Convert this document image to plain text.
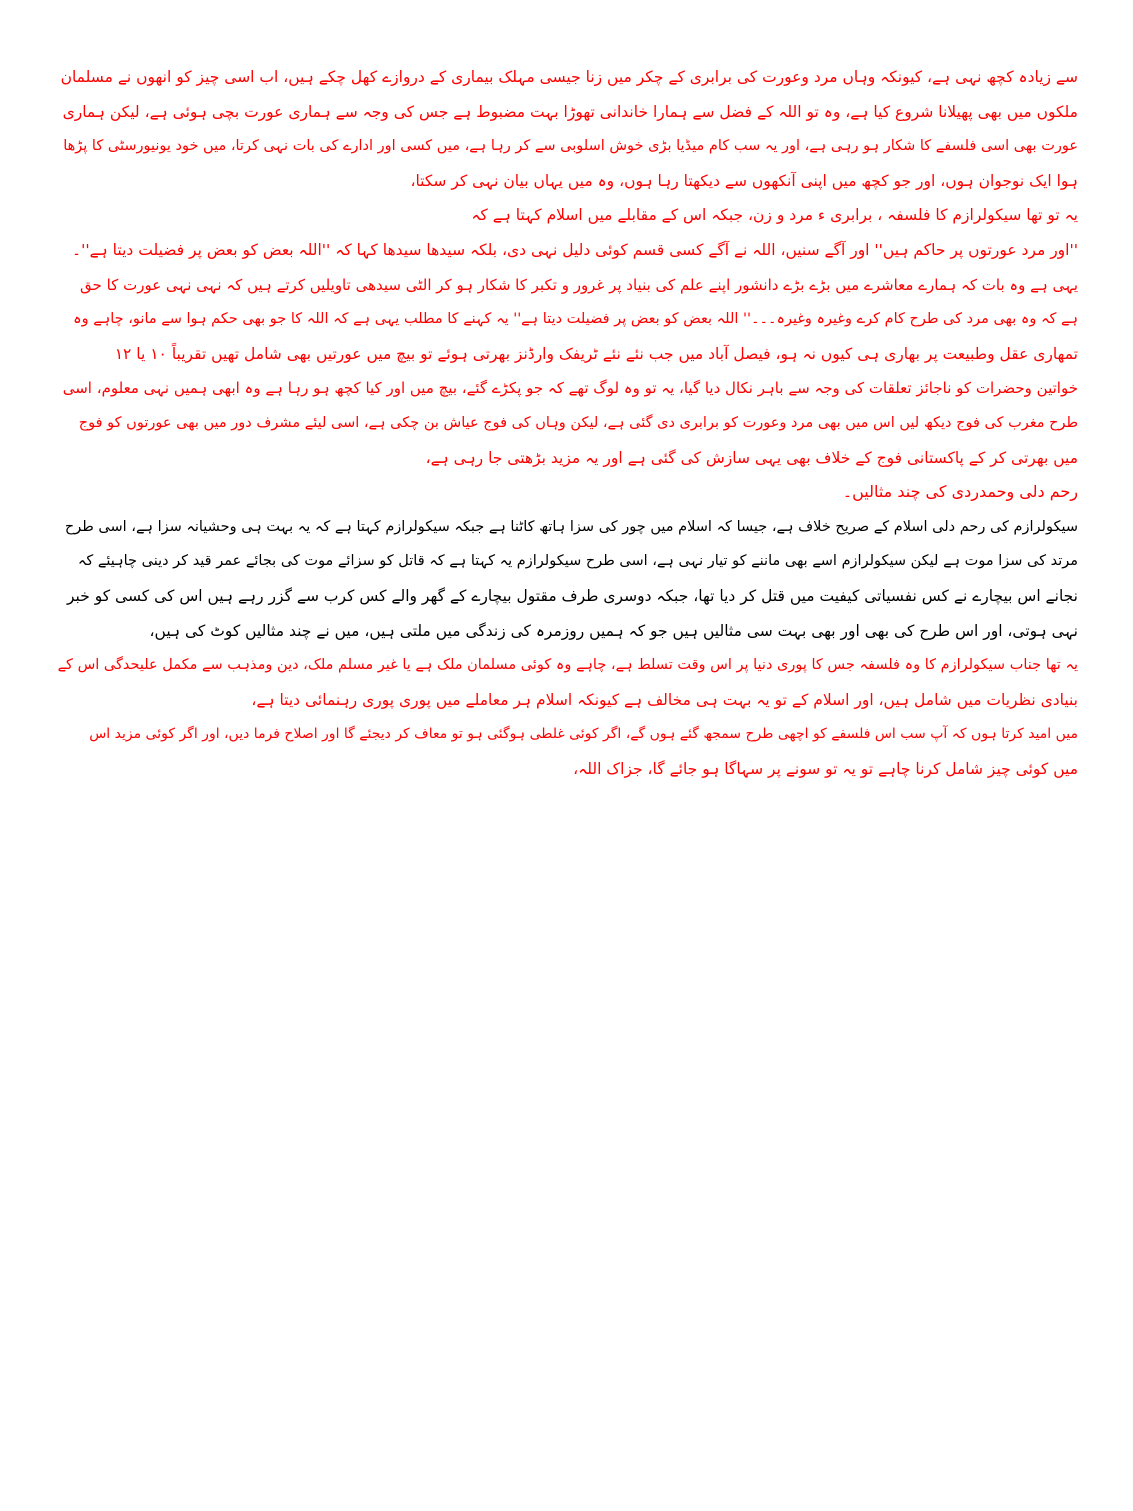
سے زیادہ کچھ نہی ہے، کیونکہ وہاں مرد وعورت کی برابری کے چکر میں زنا جیسی مہلک بیماری کے دروازے کھل چکے ہیں، اب اسی چیز کو انھوں نے مسلمان
ملکوں میں بھی پھیلانا شروع کیا ہے، وہ تو اللہ کے فضل سے ہمارا خاندانی تھوڑا بہت مضبوط ہے جس کی وجہ سے ہماری عورت بچی ہوئی ہے، لیکن ہماری
عورت بھی اسی فلسفے کا شکار ہو رہی ہے، اور یہ سب کام میڈیا بڑی خوش اسلوبی سے کر رہا ہے، میں کسی اور ادارے کی بات نہی کرتا، میں خود یونیورسٹی کا پڑھا
ہوا ایک نوجوان ہوں، اور جو کچھ میں اپنی آنکھوں سے دیکھتا رہا ہوں، وہ میں یہاں بیان نہی کر سکتا،
یہ تو تھا سیکولرازم کا فلسفہ ، برابری ء مرد و زن، جبکہ اس کے مقابلے میں اسلام کہتا ہے کہ
''اور مرد عورتوں پر حاکم ہیں'' اور آگے سنیں، اللہ نے آگے کسی قسم کوئی دلیل نہی دی، بلکہ سیدھا سیدھا کہا کہ ''اللہ بعض کو بعض پر فضیلت دیتا ہے''۔
یہی ہے وہ بات کہ ہمارے معاشرے میں بڑے بڑے دانشور اپنے علم کی بنیاد پر غرور و تکبر کا شکار ہو کر الٹی سیدھی تاویلیں کرتے ہیں کہ نہی نہی عورت کا حق
ہے کہ وہ بھی مرد کی طرح کام کرے وغیرہ وغیرہ۔۔۔'' اللہ بعض کو بعض پر فضیلت دیتا ہے'' یہ کہنے کا مطلب یہی ہے کہ اللہ کا جو بھی حکم ہوا سے مانو، چاہے وہ
تمھاری عقل وطبیعت پر بھاری ہی کیوں نہ ہو، فیصل آباد میں جب نئے نئے ٹریفک وارڈنز بھرتی ہوئے تو بیچ میں عورتیں بھی شامل تھیں تقریباً ۱۰ یا ۱۲
خواتین وحضرات کو ناجائز تعلقات کی وجہ سے باہر نکال دیا گیا، یہ تو وہ لوگ تھے کہ جو پکڑے گئے، بیچ میں اور کیا کچھ ہو رہا ہے وہ ابھی ہمیں نہی معلوم، اسی
طرح مغرب کی فوج دیکھ لیں اس میں بھی مرد وعورت کو برابری دی گئی ہے، لیکن وہاں کی فوج عیاش بن چکی ہے، اسی لیئے مشرف دور میں بھی عورتوں کو فوج
میں بھرتی کر کے پاکستانی فوج کے خلاف بھی یہی سازش کی گئی ہے اور یہ مزید بڑھتی جا رہی ہے،
رحم دلی وحمدردی کی چند مثالیں۔
سیکولرازم کی رحم دلی اسلام کے صریح خلاف ہے، جیسا کہ اسلام میں چور کی سزا ہاتھ کاٹنا ہے جبکہ سیکولرازم کہتا ہے کہ یہ بہت ہی وحشیانہ سزا ہے، اسی طرح
مرتد کی سزا موت ہے لیکن سیکولرازم اسے بھی ماننے کو تیار نہی ہے، اسی طرح سیکولرازم یہ کہتا ہے کہ قاتل کو سزائے موت کی بجائے عمر قید کر دینی چاہیئے کہ
نجانے اس بیچارے نے کس نفسیاتی کیفیت میں قتل کر دیا تھا، جبکہ دوسری طرف مقتول بیچارے کے گھر والے کس کرب سے گزر رہے ہیں اس کی کسی کو خبر
نہی ہوتی، اور اس طرح کی بھی اور بھی بہت سی مثالیں ہیں جو کہ ہمیں روزمرہ کی زندگی میں ملتی ہیں، میں نے چند مثالیں کوٹ کی ہیں،
یہ تھا جناب سیکولرازم کا وہ فلسفہ جس کا پوری دنیا پر اس وقت تسلط ہے، چاہے وہ کوئی مسلمان ملک ہے یا غیر مسلم ملک، دین ومذہب سے مکمل علیحدگی اس کے
بنیادی نظریات میں شامل ہیں، اور اسلام کے تو یہ بہت ہی مخالف ہے کیونکہ اسلام ہر معاملے میں پوری پوری رہنمائی دیتا ہے،
میں امید کرتا ہوں کہ آپ سب اس فلسفے کو اچھی طرح سمجھ گئے ہوں گے، اگر کوئی غلطی ہوگئی ہو تو معاف کر دیجئے گا اور اصلاح فرما دیں، اور اگر کوئی مزید اس
میں کوئی چیز شامل کرنا چاہے تو یہ تو سونے پر سہاگا ہو جائے گا، جزاک اللہ،
